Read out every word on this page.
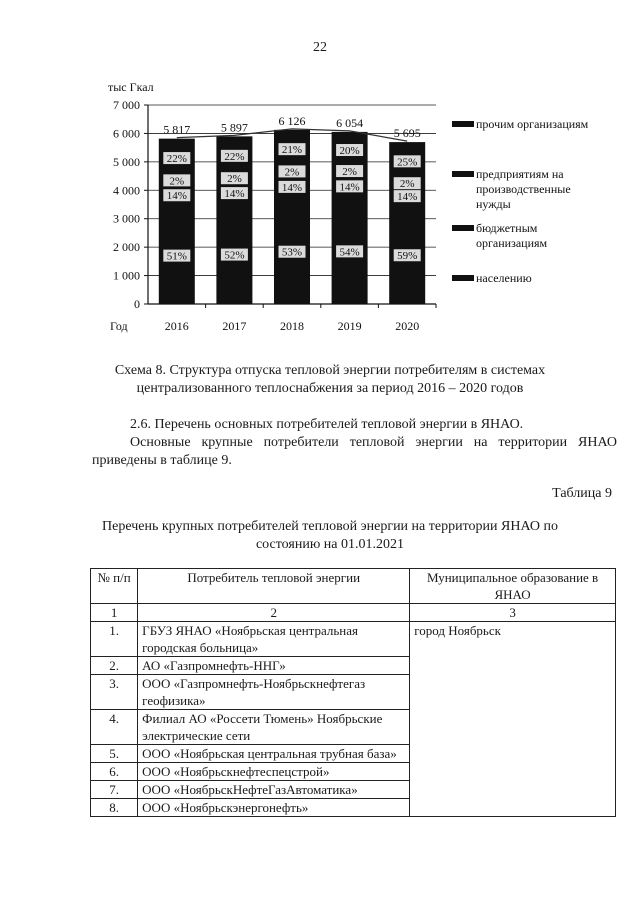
22
0
1 000
2 000
3 000
4 000
5 000
6 000
7 000
тыс Гкал
Год	2016
5 817
51%
14%
2%
22%
2017
5 897
52%
14%
2%
22%
2018
6 126
53%
14%
2%
21%
2019
6 054
54%
14%
2%
20%
2020
5 695
59%
14%
2%
25%
прочим организациям
предприятиям на
производственные
нужды
бюджетным
организациям
населению
Схема 8. Структура отпуска тепловой энергии потребителям в системах централизованного теплоснабжения за период 2016 – 2020 годов
2.6. Перечень основных потребителей тепловой энергии в ЯНАО.
Основные крупные потребители тепловой энергии на территории ЯНАО приведены в таблице 9.
Таблица 9
Перечень крупных потребителей тепловой энергии на территории ЯНАО по состоянию на 01.01.2021
№ п/п	Потребитель тепловой энергии	Муниципальное образование в ЯНАО
1	2	3
1.	ГБУЗ ЯНАО «Ноябрьская центральная городская больница»	город Ноябрьск
2.	АО «Газпромнефть-ННГ»	
3.	ООО «Газпромнефть-Ноябрьскнефтегаз геофизика»	
4.	Филиал АО «Россети Тюмень» Ноябрьские электрические сети	
5.	ООО «Ноябрьская центральная трубная база»	
6.	ООО «Ноябрьскнефтеспецстрой»	
7.	ООО «НоябрьскНефтеГазАвтоматика»	
8.	ООО «Ноябрьскэнергонефть»	
